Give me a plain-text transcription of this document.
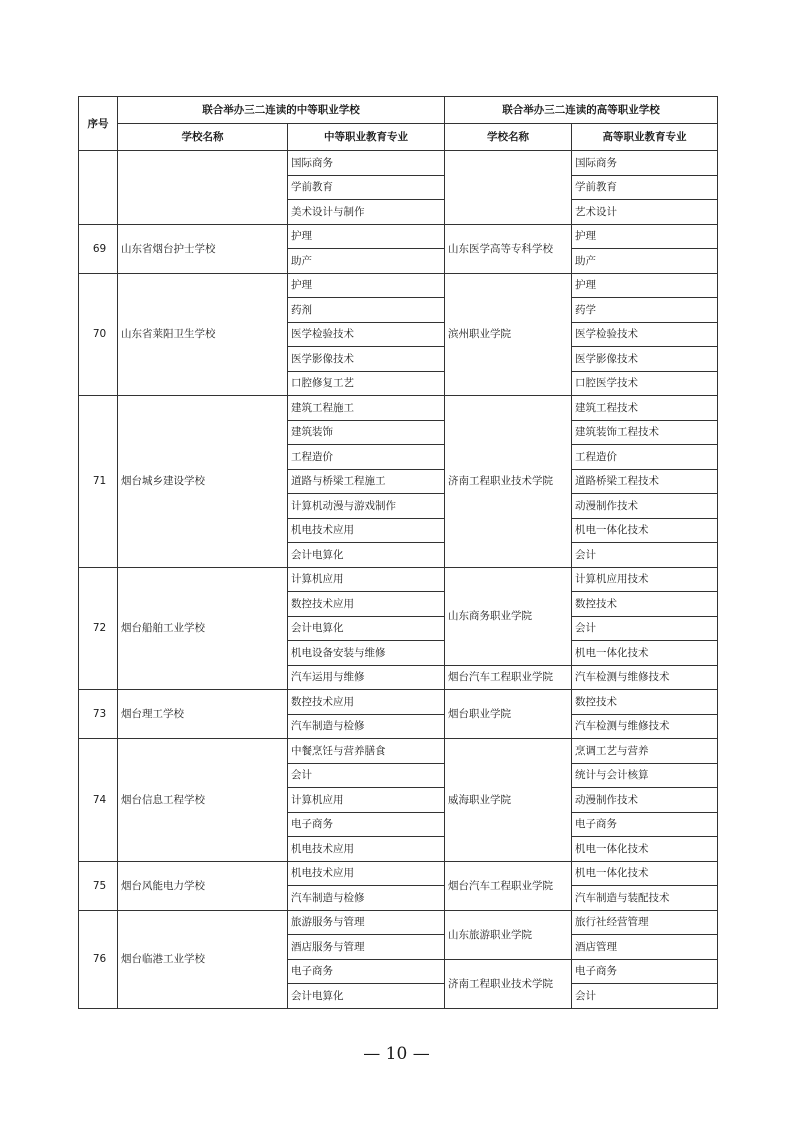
序号	联合举办三二连读的中等职业学校		联合举办三二连读的高等职业学校	
	学校名称	中等职业教育专业	学校名称	高等职业教育专业
		国际商务		国际商务
		学前教育		学前教育
		美术设计与制作		艺术设计
69	山东省烟台护士学校	护理	山东医学高等专科学校	护理
		助产		助产
70	山东省莱阳卫生学校	护理	滨州职业学院	护理
		药剂		药学
		医学检验技术		医学检验技术
		医学影像技术		医学影像技术
		口腔修复工艺		口腔医学技术
71	烟台城乡建设学校	建筑工程施工	济南工程职业技术学院	建筑工程技术
		建筑装饰		建筑装饰工程技术
		工程造价		工程造价
		道路与桥梁工程施工		道路桥梁工程技术
		计算机动漫与游戏制作		动漫制作技术
		机电技术应用		机电一体化技术
		会计电算化		会计
72	烟台船舶工业学校	计算机应用	山东商务职业学院	计算机应用技术
		数控技术应用		数控技术
		会计电算化		会计
		机电设备安装与维修		机电一体化技术
		汽车运用与维修	烟台汽车工程职业学院	汽车检测与维修技术
73	烟台理工学校	数控技术应用	烟台职业学院	数控技术
		汽车制造与检修		汽车检测与维修技术
74	烟台信息工程学校	中餐烹饪与营养膳食	威海职业学院	烹调工艺与营养
		会计		统计与会计核算
		计算机应用		动漫制作技术
		电子商务		电子商务
		机电技术应用		机电一体化技术
75	烟台风能电力学校	机电技术应用	烟台汽车工程职业学院	机电一体化技术
		汽车制造与检修		汽车制造与装配技术
76	烟台临港工业学校	旅游服务与管理	山东旅游职业学院	旅行社经营管理
		酒店服务与管理		酒店管理
		电子商务	济南工程职业技术学院	电子商务
		会计电算化		会计
— 10 —
